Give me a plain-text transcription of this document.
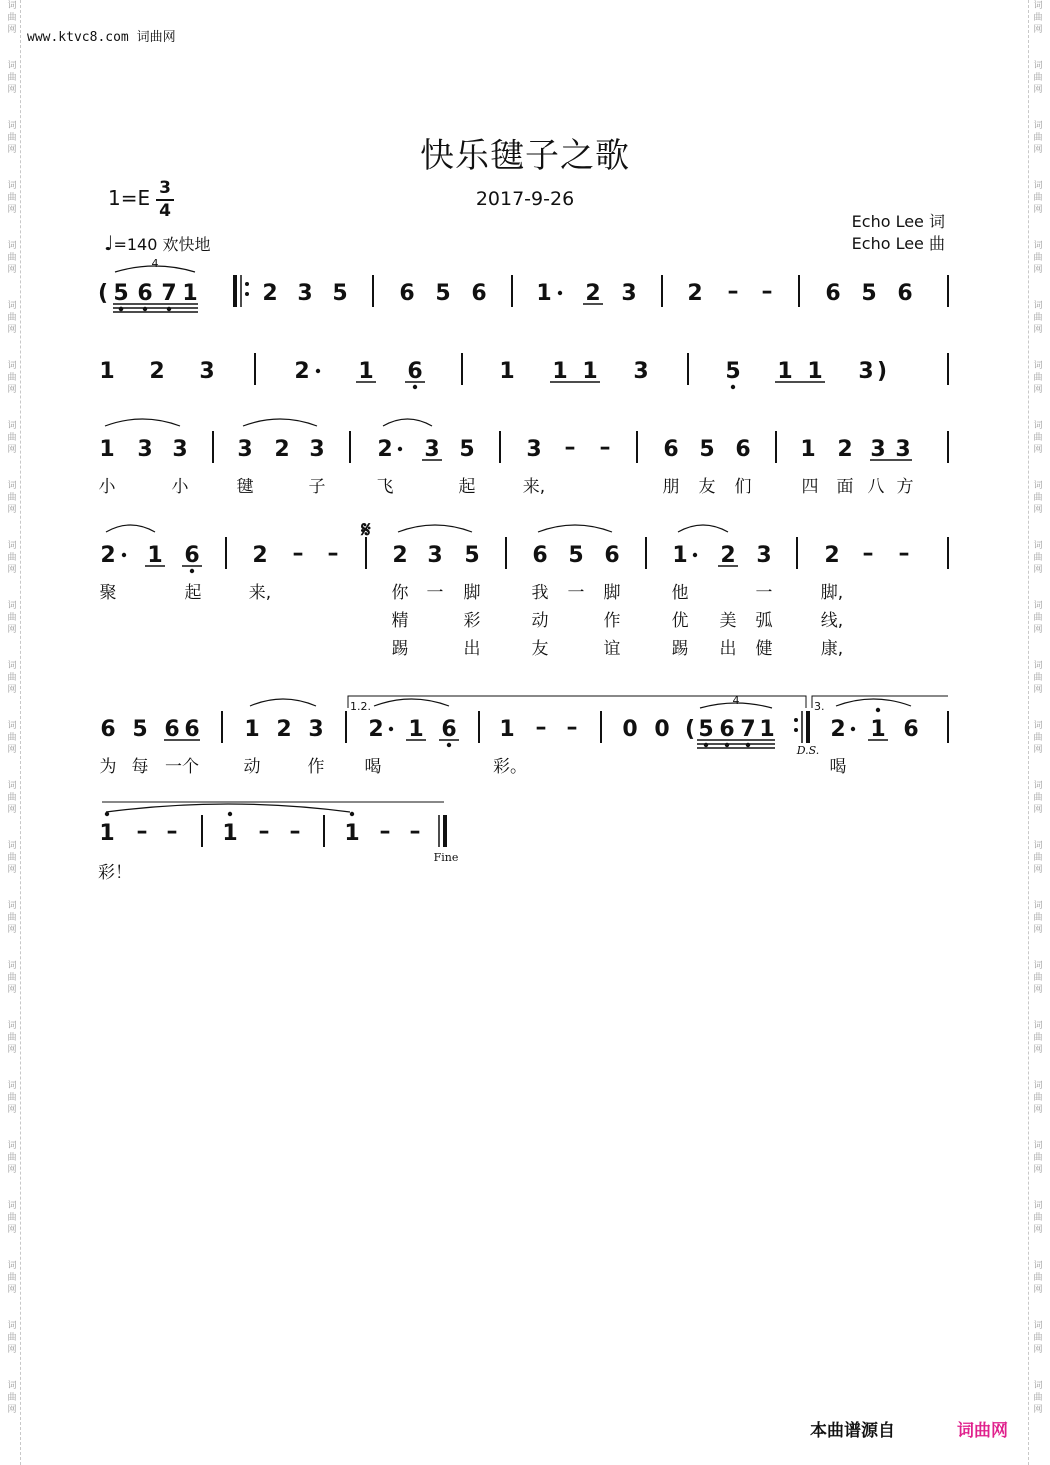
词
曲
网
词
曲
网
词
曲
网
词
曲
网
词
曲
网
词
曲
网
词
曲
网
词
曲
网
词
曲
网
词
曲
网
词
曲
网
词
曲
网
词
曲
网
词
曲
网
词
曲
网
词
曲
网
词
曲
网
词
曲
网
词
曲
网
词
曲
网
词
曲
网
词
曲
网
词
曲
网
词
曲
网
词
曲
网
词
曲
网
词
曲
网
词
曲
网
词
曲
网
词
曲
网
词
曲
网
词
曲
网
词
曲
网
词
曲
网
词
曲
网
词
曲
网
词
曲
网
词
曲
网
词
曲
网
词
曲
网
词
曲
网
词
曲
网
词
曲
网
词
曲
网
词
曲
网
词
曲
网
词
曲
网
词
曲
网
www.ktvc8.com 词曲网
快乐毽子之歌
2017-9-26
$1=E \frac{3}{4}$
♩=140 欢快地
Echo Lee 词
Echo Lee 曲
( 5 6 7 1
4
2 3 5 6 5 6 1 2 3 2 – – 6 5 6
1 2 3	2 1 6	1 1 1 3	5 1 1 3 )
1 3 3 3 2 3 2 3 5 3 – – 6 5 6 1 2 3 3
小	小	毽	子	飞	起	来,	朋 友 们	四 面 八 方
2 1 6 2 – –
𝄋
2 3 5 6 5 6 1 2 3 2 – –
聚	起	来,	你 一 脚	我 一 脚	他	一	脚,
精	彩	动	作	优 美 弧	线,
踢	出	友	谊	踢 出 健	康,
6 5 6 6 1 2 3
1.2.
2 1 6 1 – – 0 0 ( 5 6 7 1
4
D.S.
3.
2 1 6
为 每 一个	动	作 喝	彩。	喝
1 – – 1 – – 1 – –
Fine
彩！
本曲谱源自	词曲网
